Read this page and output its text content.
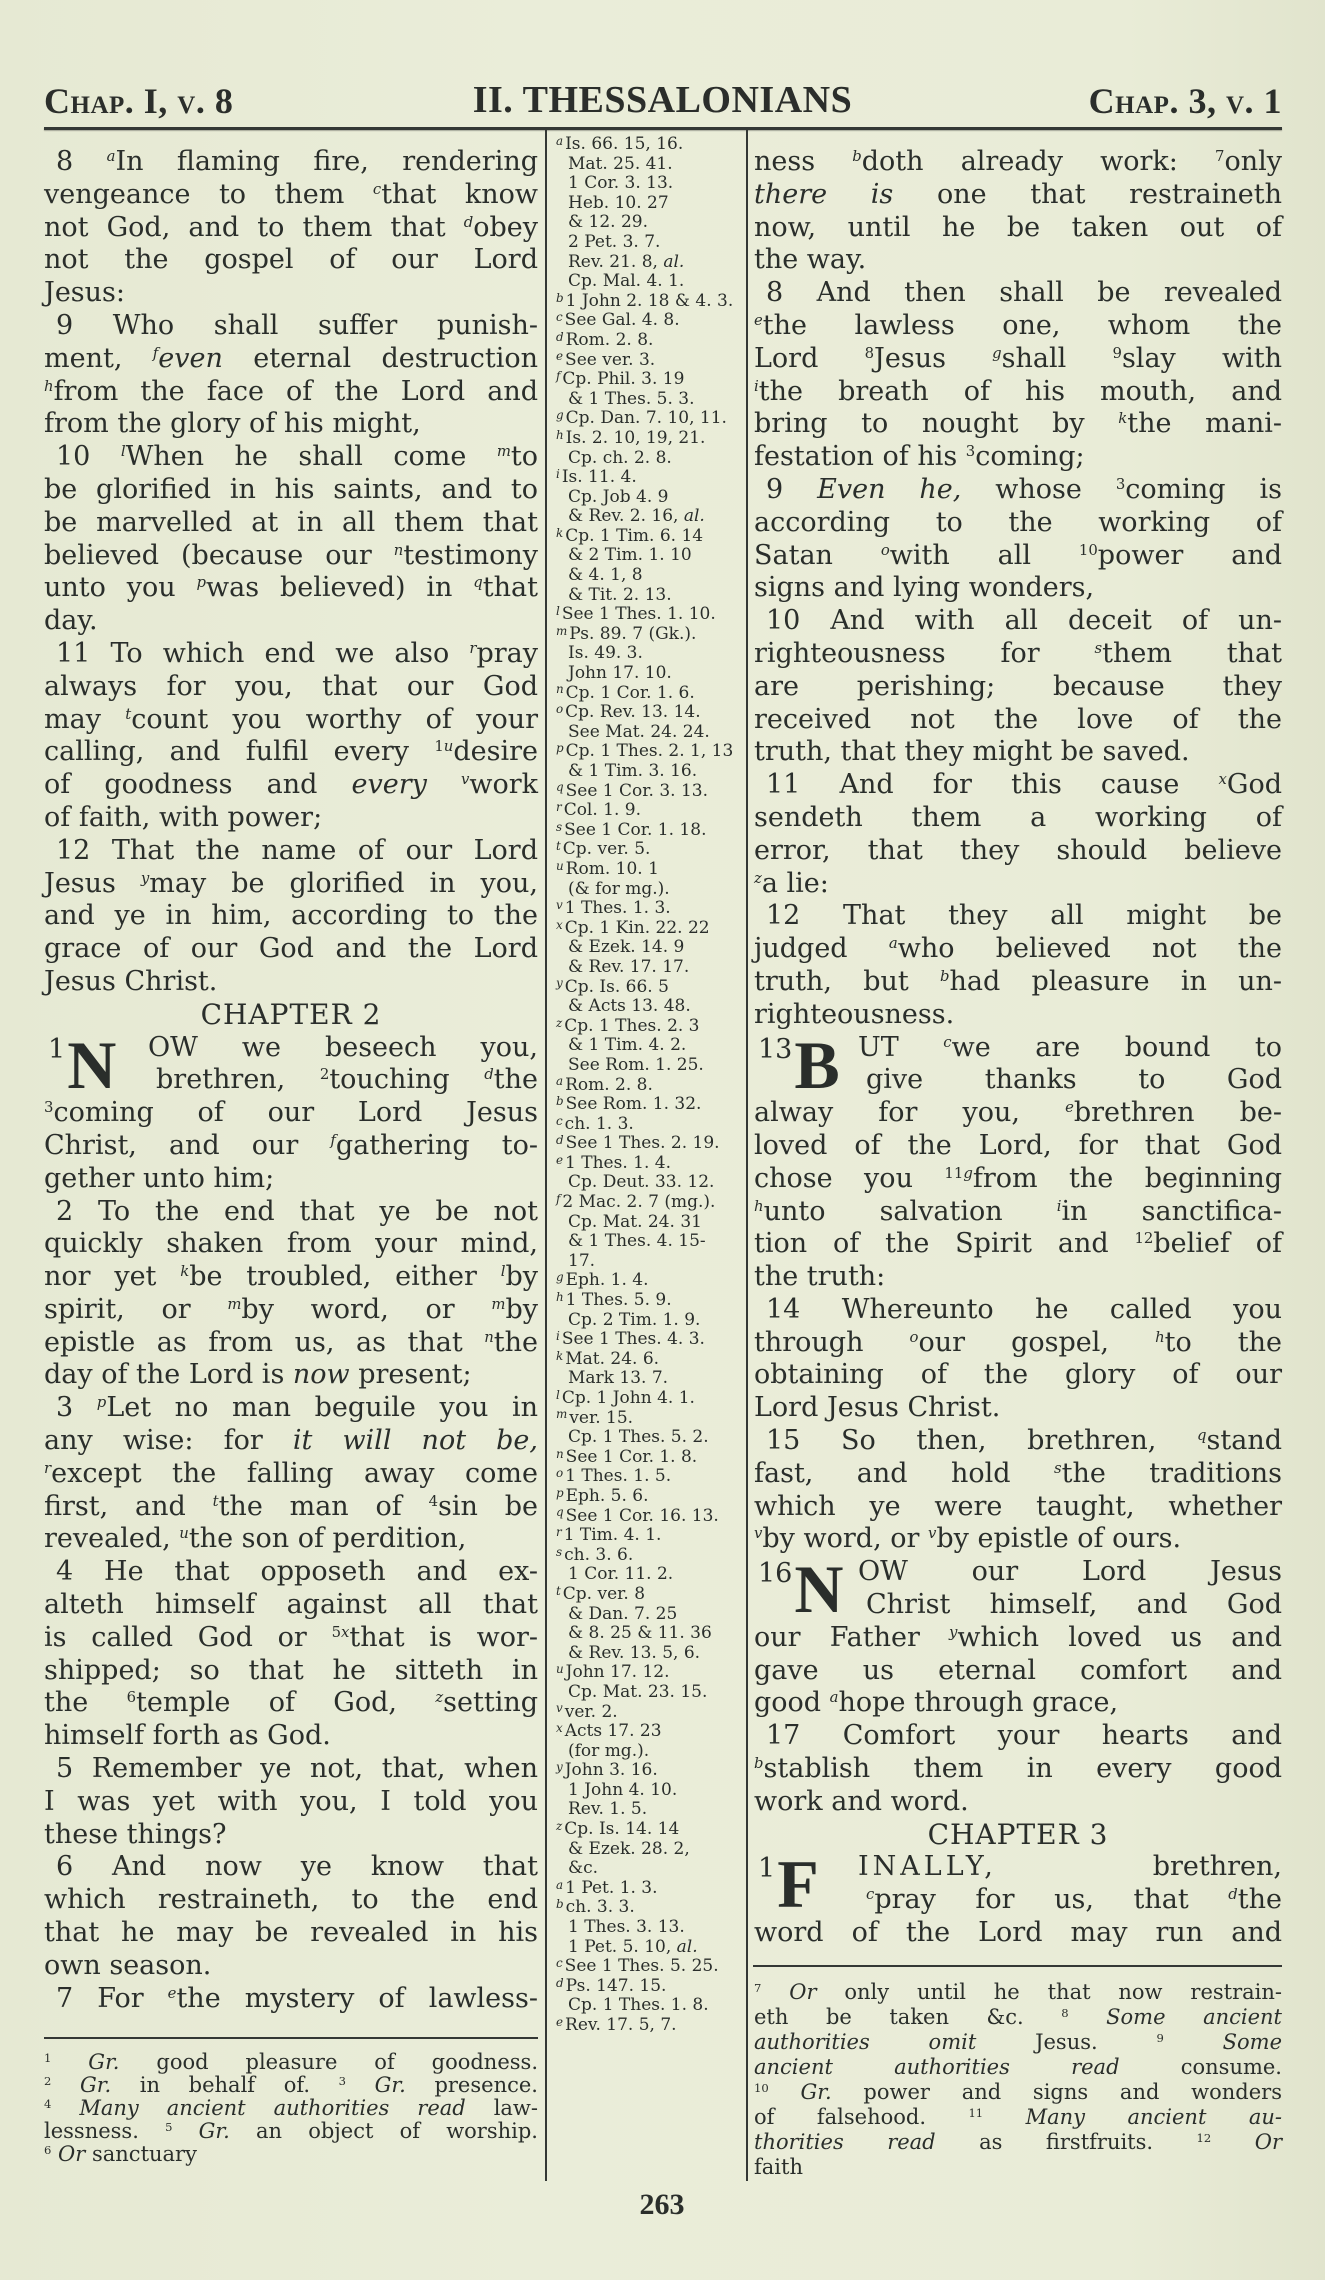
Chap. I, v. 8	II. THESSALONIANS	Chap. 3, v. 1
8 $^a$In flaming fire, rendering
vengeance to them $^c$that know
not God, and to them that $^d$obey
not the gospel of our Lord
Jesus:
9 Who shall suffer punish-
ment, $^f$even eternal destruction
$^h$from the face of the Lord and
from the glory of his might,
10 $^l$When he shall come $^m$to
be glorified in his saints, and to
be marvelled at in all them that
believed (because our $^n$testimony
unto you $^p$was believed) in $^q$that
day.
11 To which end we also $^r$pray
always for you, that our God
may $^t$count you worthy of your
calling, and fulfil every $^{1u}$desire
of goodness and every $^v$work
of faith, with power;
12 That the name of our Lord
Jesus $^y$may be glorified in you,
and ye in him, according to the
grace of our God and the Lord
Jesus Christ.
CHAPTER 2
1 N OW we beseech you,
brethren, $^2$touching $^d$the
$^3$coming of our Lord Jesus
Christ, and our $^f$gathering to-
gether unto him;
2 To the end that ye be not
quickly shaken from your mind,
nor yet $^k$be troubled, either $^l$by
spirit, or $^m$by word, or $^m$by
epistle as from us, as that $^n$the
day of the Lord is now present;
3 $^p$Let no man beguile you in
any wise: for it will not be,
$^r$except the falling away come
first, and $^t$the man of $^4$sin be
revealed, $^u$the son of perdition,
4 He that opposeth and ex-
alteth himself against all that
is called God or $^{5x}$that is wor-
shipped; so that he sitteth in
the $^6$temple of God, $^z$setting
himself forth as God.
5 Remember ye not, that, when
I was yet with you, I told you
these things?
6 And now ye know that
which restraineth, to the end
that he may be revealed in his
own season.
7 For $^e$the mystery of lawless-
$^a$ Is. 66. 15, 16.
Mat. 25. 41.
1 Cor. 3. 13.
Heb. 10. 27
& 12. 29.
2 Pet. 3. 7.
Rev. 21. 8, al.
Cp. Mal. 4. 1.
$^b$ 1 John 2. 18 & 4. 3.
$^c$ See Gal. 4. 8.
$^d$ Rom. 2. 8.
$^e$ See ver. 3.
$^f$ Cp. Phil. 3. 19
& 1 Thes. 5. 3.
$^g$ Cp. Dan. 7. 10, 11.
$^h$ Is. 2. 10, 19, 21.
Cp. ch. 2. 8.
$^i$ Is. 11. 4.
Cp. Job 4. 9
& Rev. 2. 16, al.
$^k$ Cp. 1 Tim. 6. 14
& 2 Tim. 1. 10
& 4. 1, 8
& Tit. 2. 13.
$^l$ See 1 Thes. 1. 10.
$^m$ Ps. 89. 7 (Gk.).
Is. 49. 3.
John 17. 10.
$^n$ Cp. 1 Cor. 1. 6.
$^o$ Cp. Rev. 13. 14.
See Mat. 24. 24.
$^p$ Cp. 1 Thes. 2. 1, 13
& 1 Tim. 3. 16.
$^q$ See 1 Cor. 3. 13.
$^r$ Col. 1. 9.
$^s$ See 1 Cor. 1. 18.
$^t$ Cp. ver. 5.
$^u$ Rom. 10. 1
(& for mg.).
$^v$ 1 Thes. 1. 3.
$^x$ Cp. 1 Kin. 22. 22
& Ezek. 14. 9
& Rev. 17. 17.
$^y$ Cp. Is. 66. 5
& Acts 13. 48.
$^z$ Cp. 1 Thes. 2. 3
& 1 Tim. 4. 2.
See Rom. 1. 25.
$^a$ Rom. 2. 8.
$^b$ See Rom. 1. 32.
$^c$ ch. 1. 3.
$^d$ See 1 Thes. 2. 19.
$^e$ 1 Thes. 1. 4.
Cp. Deut. 33. 12.
$^f$ 2 Mac. 2. 7 (mg.).
Cp. Mat. 24. 31
& 1 Thes. 4. 15-
17.
$^g$ Eph. 1. 4.
$^h$ 1 Thes. 5. 9.
Cp. 2 Tim. 1. 9.
$^i$ See 1 Thes. 4. 3.
$^k$ Mat. 24. 6.
Mark 13. 7.
$^l$ Cp. 1 John 4. 1.
$^m$ ver. 15.
Cp. 1 Thes. 5. 2.
$^n$ See 1 Cor. 1. 8.
$^o$ 1 Thes. 1. 5.
$^p$ Eph. 5. 6.
$^q$ See 1 Cor. 16. 13.
$^r$ 1 Tim. 4. 1.
$^s$ ch. 3. 6.
1 Cor. 11. 2.
$^t$ Cp. ver. 8
& Dan. 7. 25
& 8. 25 & 11. 36
& Rev. 13. 5, 6.
$^u$ John 17. 12.
Cp. Mat. 23. 15.
$^v$ ver. 2.
$^x$ Acts 17. 23
(for mg.).
$^y$ John 3. 16.
1 John 4. 10.
Rev. 1. 5.
$^z$ Cp. Is. 14. 14
& Ezek. 28. 2,
&c.
$^a$ 1 Pet. 1. 3.
$^b$ ch. 3. 3.
1 Thes. 3. 13.
1 Pet. 5. 10, al.
$^c$ See 1 Thes. 5. 25.
$^d$ Ps. 147. 15.
Cp. 1 Thes. 1. 8.
$^e$ Rev. 17. 5, 7.
ness $^b$doth already work: $^7$only
there is one that restraineth
now, until he be taken out of
the way.
8 And then shall be revealed
$^e$the lawless one, whom the
Lord $^8$Jesus $^g$shall $^9$slay with
$^i$the breath of his mouth, and
bring to nought by $^k$the mani-
festation of his $^3$coming;
9 Even he, whose $^3$coming is
according to the working of
Satan $^o$with all $^{10}$power and
signs and lying wonders,
10 And with all deceit of un-
righteousness for $^s$them that
are perishing; because they
received not the love of the
truth, that they might be saved.
11 And for this cause $^x$God
sendeth them a working of
error, that they should believe
$^z$a lie:
12 That they all might be
judged $^a$who believed not the
truth, but $^b$had pleasure in un-
righteousness.
13 B UT $^c$we are bound to
give thanks to God
alway for you, $^e$brethren be-
loved of the Lord, for that God
chose you $^{11g}$from the beginning
$^h$unto salvation $^i$in sanctifica-
tion of the Spirit and $^{12}$belief of
the truth:
14 Whereunto he called you
through $^o$our gospel, $^h$to the
obtaining of the glory of our
Lord Jesus Christ.
15 So then, brethren, $^q$stand
fast, and hold $^s$the traditions
which ye were taught, whether
$^v$by word, or $^v$by epistle of ours.
16 N OW our Lord Jesus
Christ himself, and God
our Father $^y$which loved us and
gave us eternal comfort and
good $^a$hope through grace,
17 Comfort your hearts and
$^b$stablish them in every good
work and word.
CHAPTER 3
1 F INALLY, brethren,
$^c$pray for us, that $^d$the
word of the Lord may run and
$^1$ Gr. good pleasure of goodness.
$^2$ Gr. in behalf of. $^3$ Gr. presence.
$^4$ Many ancient authorities read law-
lessness. $^5$ Gr. an object of worship.
$^6$ Or sanctuary
$^7$ Or only until he that now restrain-
eth be taken &c. $^8$ Some ancient
authorities omit Jesus. $^9$	Some
ancient authorities read consume.
$^{10}$ Gr. power and signs and wonders
of falsehood. $^{11}$ Many ancient au-
thorities read as firstfruits. $^{12}$ Or
faith
263
